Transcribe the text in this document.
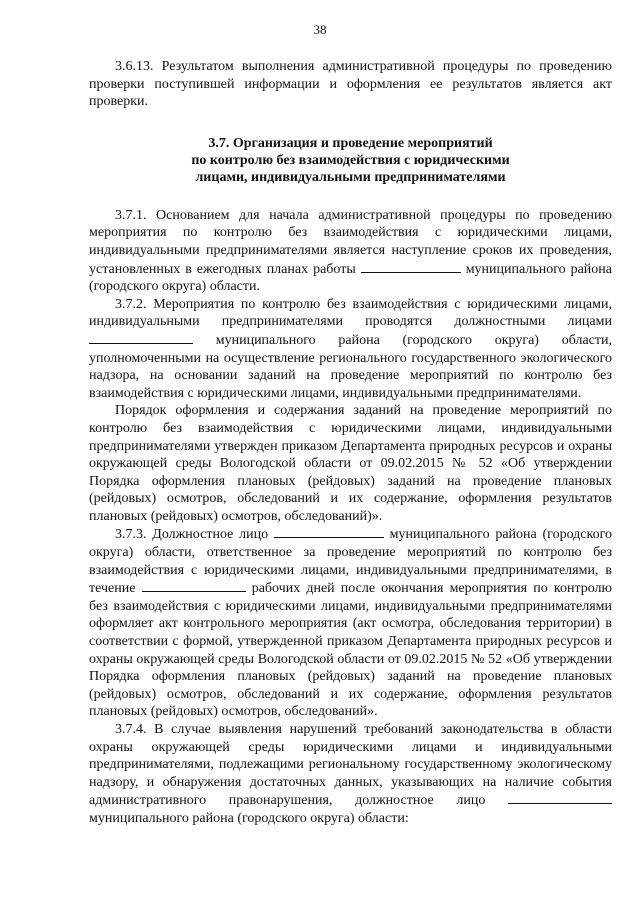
38

3.6.13. Результатом выполнения административной процедуры по проведению проверки поступившей информации и оформления ее результатов является акт проверки.

3.7. Организация и проведение мероприятий
по контролю без взаимодействия с юридическими
лицами, индивидуальными предпринимателями

3.7.1. Основанием для начала административной процедуры по проведению мероприятия по контролю без взаимодействия с юридическими лицами, индивидуальными предпринимателями является наступление сроков их проведения, установленных в ежегодных планах работы	муниципального района (городского округа) области.

3.7.2. Мероприятия по контролю без взаимодействия с юридическими лицами, индивидуальными предпринимателями проводятся должностными лицами  муниципального района (городского округа) области, уполномоченными на осуществление регионального государственного экологического надзора, на основании заданий на проведение мероприятий по контролю без взаимодействия с юридическими лицами, индивидуальными предпринимателями.

Порядок оформления и содержания заданий на проведение мероприятий по контролю без взаимодействия с юридическими лицами, индивидуальными предпринимателями утвержден приказом Департамента природных ресурсов и охраны окружающей среды Вологодской области от 09.02.2015 № 52 «Об утверждении Порядка оформления плановых (рейдовых) заданий на проведение плановых (рейдовых) осмотров, обследований и их содержание, оформления результатов плановых (рейдовых) осмотров, обследований)».

3.7.3. Должностное лицо	муниципального района (городского округа) области, ответственное за проведение мероприятий по контролю без взаимодействия с юридическими лицами, индивидуальными предпринимателями, в течение	рабочих дней после окончания мероприятия по контролю без взаимодействия с юридическими лицами, индивидуальными предпринимателями оформляет акт контрольного мероприятия (акт осмотра, обследования территории) в соответствии с формой, утвержденной приказом Департамента природных ресурсов и охраны окружающей среды Вологодской области от 09.02.2015 № 52 «Об утверждении Порядка оформления плановых (рейдовых) заданий на проведение плановых (рейдовых) осмотров, обследований и их содержание, оформления результатов плановых (рейдовых) осмотров, обследований».

3.7.4. В случае выявления нарушений требований законодательства в области охраны окружающей среды юридическими лицами и индивидуальными предпринимателями, подлежащими региональному государственному экологическому надзору, и обнаружения достаточных данных, указывающих на наличие события административного правонарушения, должностное лицо  муниципального района (городского округа) области:
